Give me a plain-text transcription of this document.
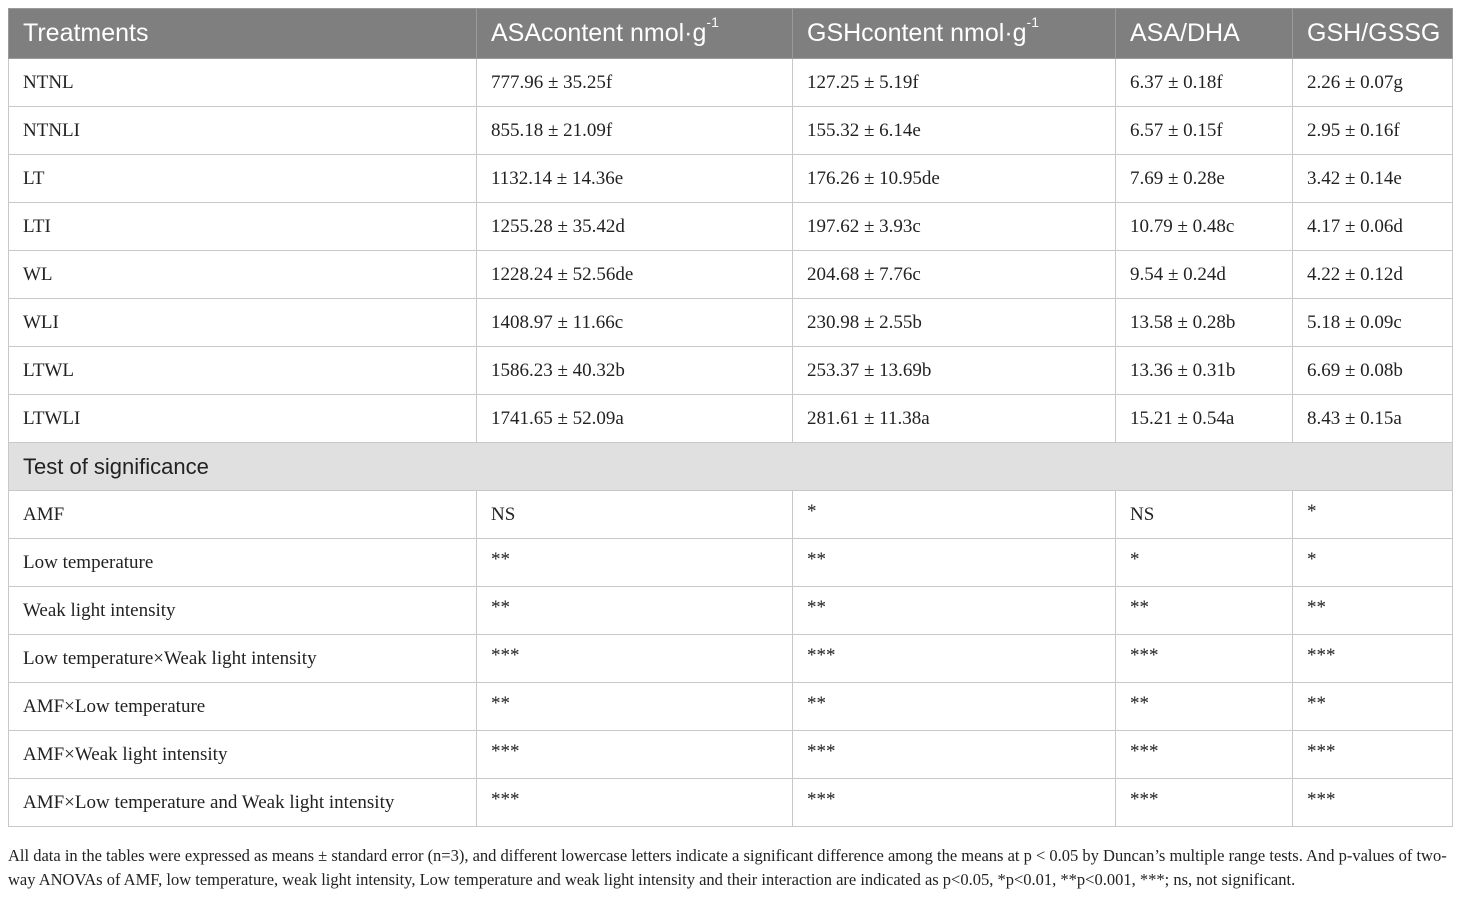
Treatments	ASAcontent $nmol\cdot g^{-1}$	GSHcontent $nmol\cdot g^{-1}$	ASA/DHA	GSH/GSSG
NTNL	777.96 ± 35.25f	127.25 ± 5.19f	6.37 ± 0.18f	2.26 ± 0.07g
NTNLI	855.18 ± 21.09f	155.32 ± 6.14e	6.57 ± 0.15f	2.95 ± 0.16f
LT	1132.14 ± 14.36e	176.26 ± 10.95de	7.69 ± 0.28e	3.42 ± 0.14e
LTI	1255.28 ± 35.42d	197.62 ± 3.93c	10.79 ± 0.48c	4.17 ± 0.06d
WL	1228.24 ± 52.56de	204.68 ± 7.76c	9.54 ± 0.24d	4.22 ± 0.12d
WLI	1408.97 ± 11.66c	230.98 ± 2.55b	13.58 ± 0.28b	5.18 ± 0.09c
LTWL	1586.23 ± 40.32b	253.37 ± 13.69b	13.36 ± 0.31b	6.69 ± 0.08b
LTWLI	1741.65 ± 52.09a	281.61 ± 11.38a	15.21 ± 0.54a	8.43 ± 0.15a
Test of significance				
AMF	NS	*	NS	*
Low temperature	**	**	*	*
Weak light intensity	**	**	**	**
Low temperature×Weak light intensity	***	***	***	***
AMF×Low temperature	**	**	**	**
AMF×Weak light intensity	***	***	***	***
AMF×Low temperature and Weak light intensity	***	***	***	***

All data in the tables were expressed as means ± standard error (n=3), and different lowercase letters indicate a significant difference among the means at p < 0.05 by Duncan’s multiple range tests. And p-values of two-way ANOVAs of AMF, low temperature, weak light intensity, Low temperature and weak light intensity and their interaction are indicated as p<0.05, *p<0.01, **p<0.001, ***; ns, not significant.
